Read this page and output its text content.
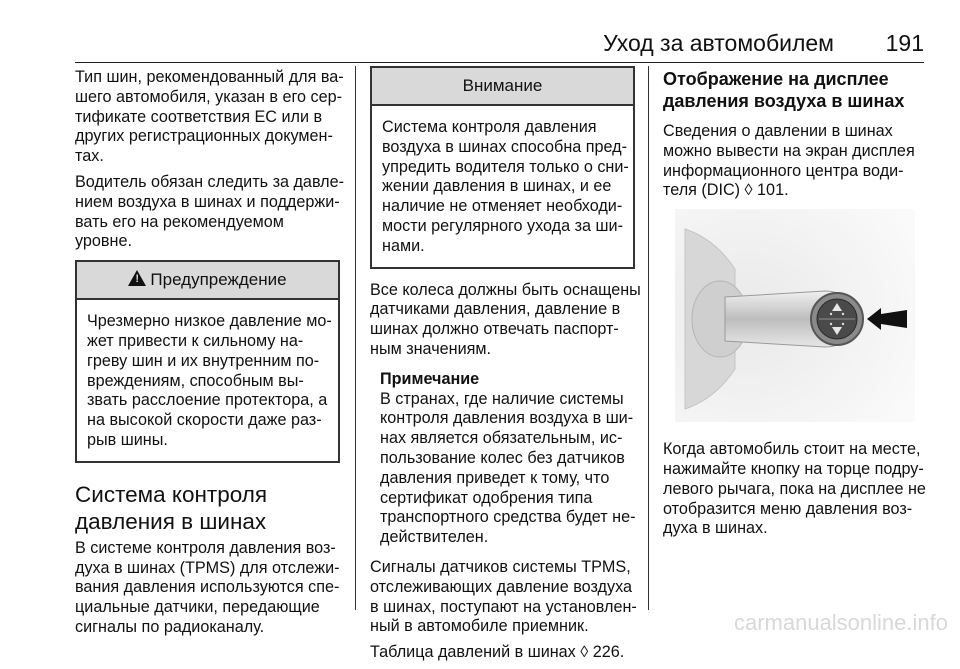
Уход за автомобилем 191

Тип шин, рекомендованный для ва-
шего автомобиля, указан в его сер-
тификате соответствия ЕС или в
других регистрационных докумен-
тах.

Водитель обязан следить за давле-
нием воздуха в шинах и поддержи-
вать его на рекомендуемом
уровне.

!Предупреждение
Чрезмерно низкое давление мо-
жет привести к сильному на-
греву шин и их внутренним по-
вреждениям, способным вы-
звать расслоение протектора, а
на высокой скорости даже раз-
рыв шины.
Система контроля
давления в шинах

В системе контроля давления воз-
духа в шинах (TPMS) для отслежи-
вания давления используются спе-
циальные датчики, передающие
сигналы по радиоканалу.

Внимание
Система контроля давления
воздуха в шинах способна пред-
упредить водителя только о сни-
жении давления в шинах, и ее
наличие не отменяет необходи-
мости регулярного ухода за ши-
нами.

Все колеса должны быть оснащены
датчиками давления, давление в
шинах должно отвечать паспорт-
ным значениям.

Примечание
В странах, где наличие системы
контроля давления воздуха в ши-
нах является обязательным, ис-
пользование колес без датчиков
давления приведет к тому, что
сертификат одобрения типа
транспортного средства будет не-
действителен.

Сигналы датчиков системы TPMS,
отслеживающих давление воздуха
в шинах, поступают на установлен-
ный в автомобиле приемник.

Таблица давлений в шинах ◊ 226.

Отображение на дисплее
давления воздуха в шинах

Сведения о давлении в шинах
можно вывести на экран дисплея
информационного центра води-
теля (DIC) ◊ 101.

Когда автомобиль стоит на месте,
нажимайте кнопку на торце подру-
левого рычага, пока на дисплее не
отобразится меню давления воз-
духа в шинах.

carmanualsonline.info
